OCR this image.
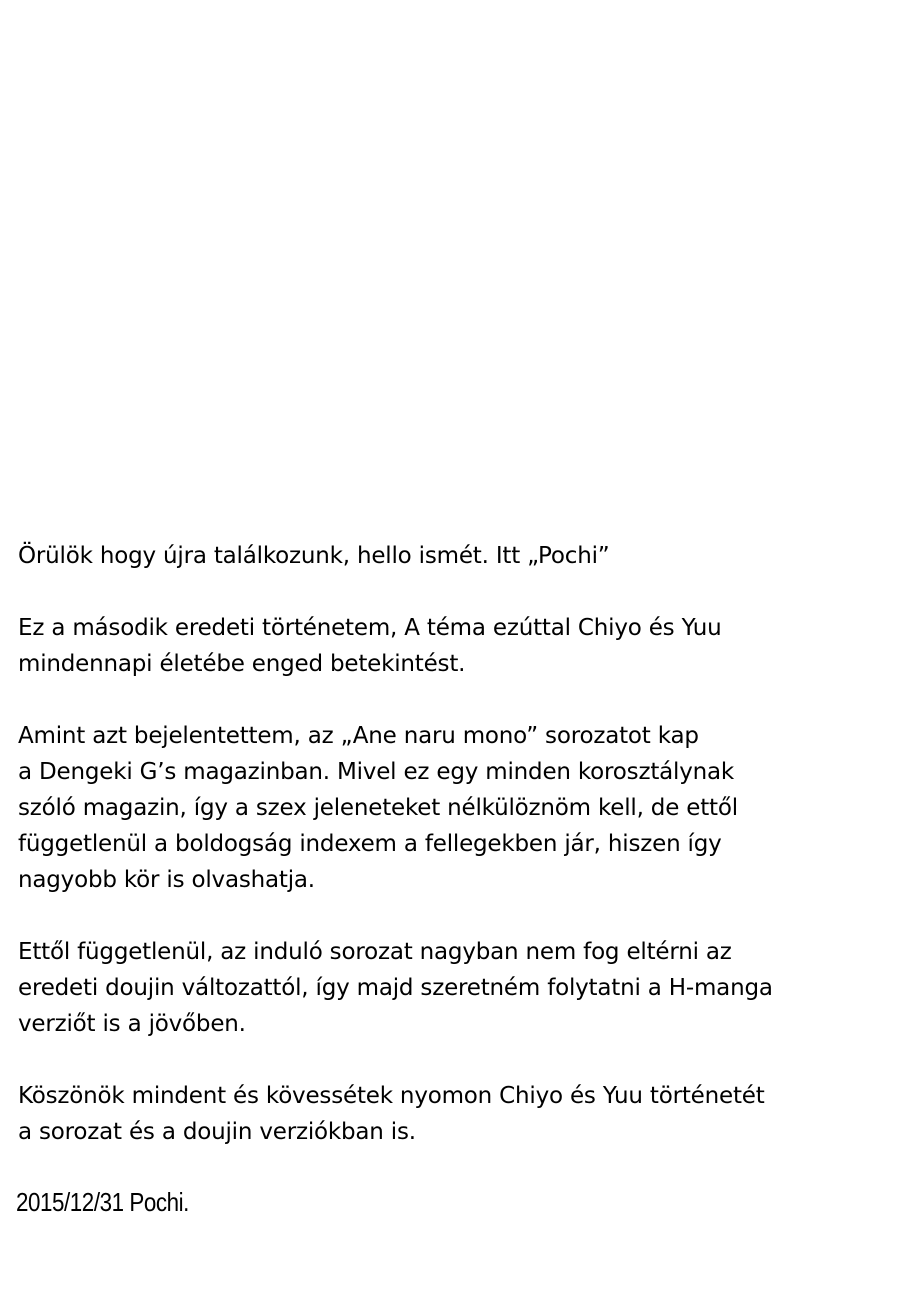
Örülök hogy újra találkozunk, hello ismét. Itt „Pochi”

Ez a második eredeti történetem, A téma ezúttal Chiyo és Yuu
mindennapi életébe enged betekintést.

Amint azt bejelentettem, az „Ane naru mono” sorozatot kap
a Dengeki G’s magazinban. Mivel ez egy minden korosztálynak
szóló magazin, így a szex jeleneteket nélkülöznöm kell, de ettől
függetlenül a boldogság indexem a fellegekben jár, hiszen így
nagyobb kör is olvashatja.

Ettől függetlenül, az induló sorozat nagyban nem fog eltérni az
eredeti doujin változattól, így majd szeretném folytatni a H-manga
verziőt is a jövőben.

Köszönök mindent és kövessétek nyomon Chiyo és Yuu történetét
a sorozat és a doujin verziókban is.

2015/12/31 Pochi.
